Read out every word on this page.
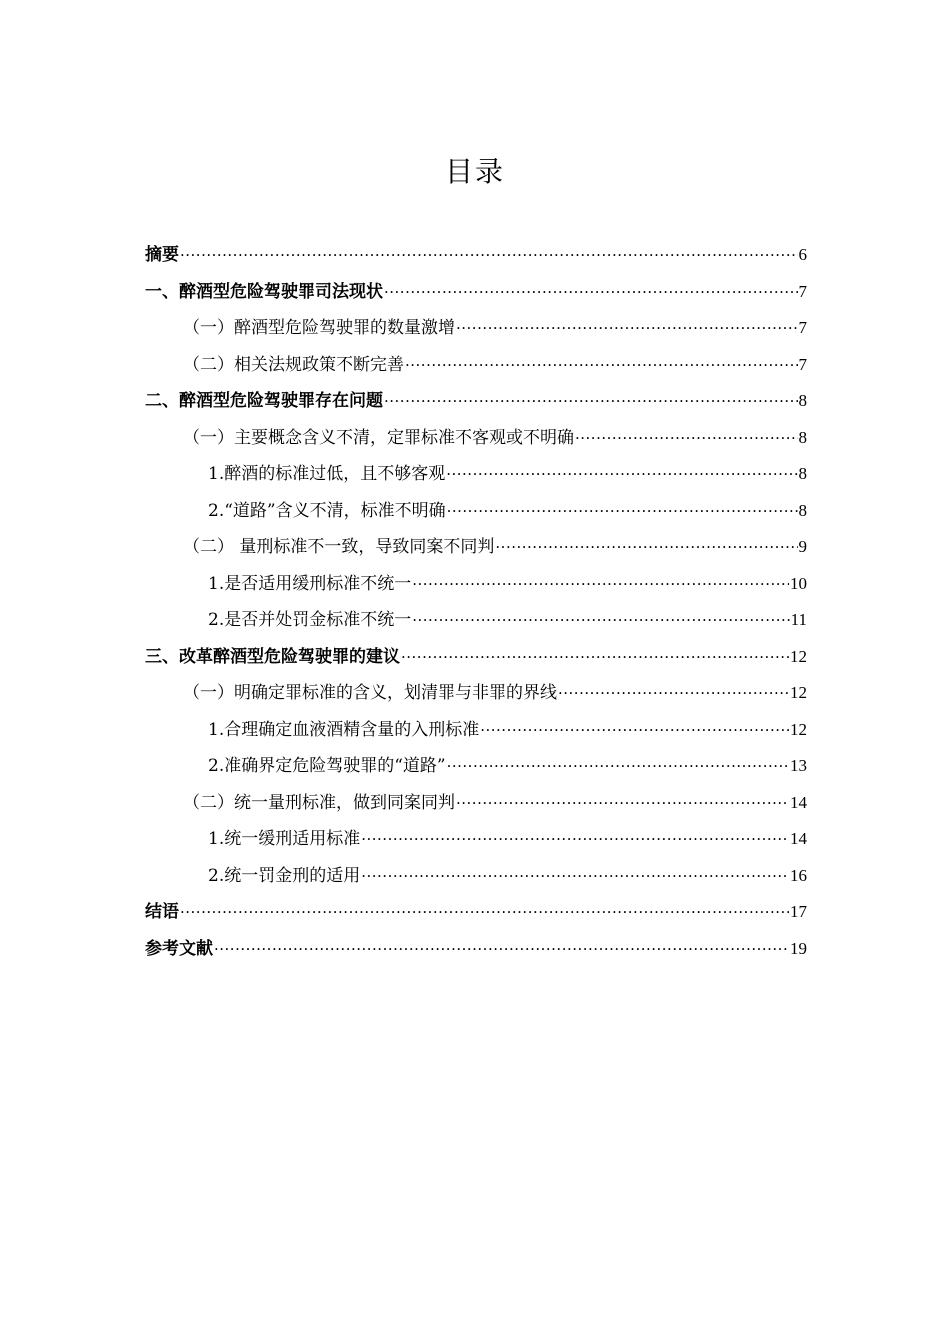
目录
摘要 ·····	6
一、醉酒型危险驾驶罪司法现状 ·····	7
（一）醉酒型危险驾驶罪的数量激增 ·····	7
（二）相关法规政策不断完善 ·····	7
二、醉酒型危险驾驶罪存在问题 ·····	8
（一）主要概念含义不清，定罪标准不客观或不明确 ·····	8
1.醉酒的标准过低，且不够客观 ·····	8
2.“道路”含义不清，标准不明确 ·····	8
（二） 量刑标准不一致，导致同案不同判 ·····	9
1.是否适用缓刑标准不统一 ·····	10
2.是否并处罚金标准不统一 ·····	11
三、改革醉酒型危险驾驶罪的建议 ·····	12
（一）明确定罪标准的含义，划清罪与非罪的界线 ·····	12
1.合理确定血液酒精含量的入刑标准 ·····	12
2.准确界定危险驾驶罪的“道路” ·····	13
（二）统一量刑标准，做到同案同判 ·····	14
1.统一缓刑适用标准 ·····	14
2.统一罚金刑的适用 ·····	16
结语 ·····	17
参考文献 ·····	19
